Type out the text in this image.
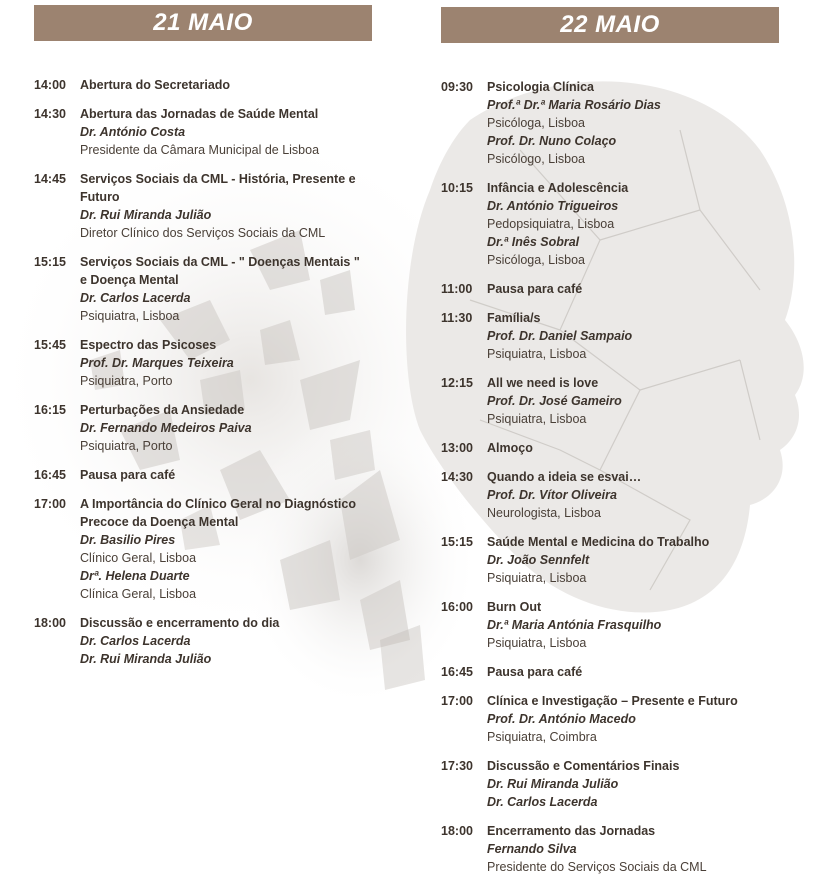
21 MAIO	22 MAIO
14:00	Abertura do Secretariado
14:30	Abertura das Jornadas de Saúde Mental
Dr. António Costa
Presidente da Câmara Municipal de Lisboa
14:45	Serviços Sociais da CML - História, Presente e
Futuro
Dr. Rui Miranda Julião
Diretor Clínico dos Serviços Sociais da CML
15:15	Serviços Sociais da CML - " Doenças Mentais "
e Doença Mental
Dr. Carlos Lacerda
Psiquiatra, Lisboa
15:45	Espectro das Psicoses
Prof. Dr. Marques Teixeira
Psiquiatra, Porto
16:15	Perturbações da Ansiedade
Dr. Fernando Medeiros Paiva
Psiquiatra, Porto
16:45	Pausa para café
17:00	A Importância do Clínico Geral no Diagnóstico
Precoce da Doença Mental
Dr. Basilio Pires
Clínico Geral, Lisboa
Drª. Helena Duarte
Clínica Geral, Lisboa
18:00	Discussão e encerramento do dia
Dr. Carlos Lacerda
Dr. Rui Miranda Julião
09:30	Psicologia Clínica
Prof.ª Dr.ª Maria Rosário Dias
Psicóloga, Lisboa
Prof. Dr. Nuno Colaço
Psicólogo, Lisboa
10:15	Infância e Adolescência
Dr. António Trigueiros
Pedopsiquiatra, Lisboa
Dr.ª Inês Sobral
Psicóloga, Lisboa
11:00	Pausa para café
11:30	Família/s
Prof. Dr. Daniel Sampaio
Psiquiatra, Lisboa
12:15	All we need is love
Prof. Dr. José Gameiro
Psiquiatra, Lisboa
13:00	Almoço
14:30	Quando a ideia se esvai…
Prof. Dr. Vítor Oliveira
Neurologista, Lisboa
15:15	Saúde Mental e Medicina do Trabalho
Dr. João Sennfelt
Psiquiatra, Lisboa
16:00	Burn Out
Dr.ª Maria Antónia Frasquilho
Psiquiatra, Lisboa
16:45	Pausa para café
17:00	Clínica e Investigação – Presente e Futuro
Prof. Dr. António Macedo
Psiquiatra, Coimbra
17:30	Discussão e Comentários Finais
Dr. Rui Miranda Julião
Dr. Carlos Lacerda
18:00	Encerramento das Jornadas
Fernando Silva
Presidente do Serviços Sociais da CML
